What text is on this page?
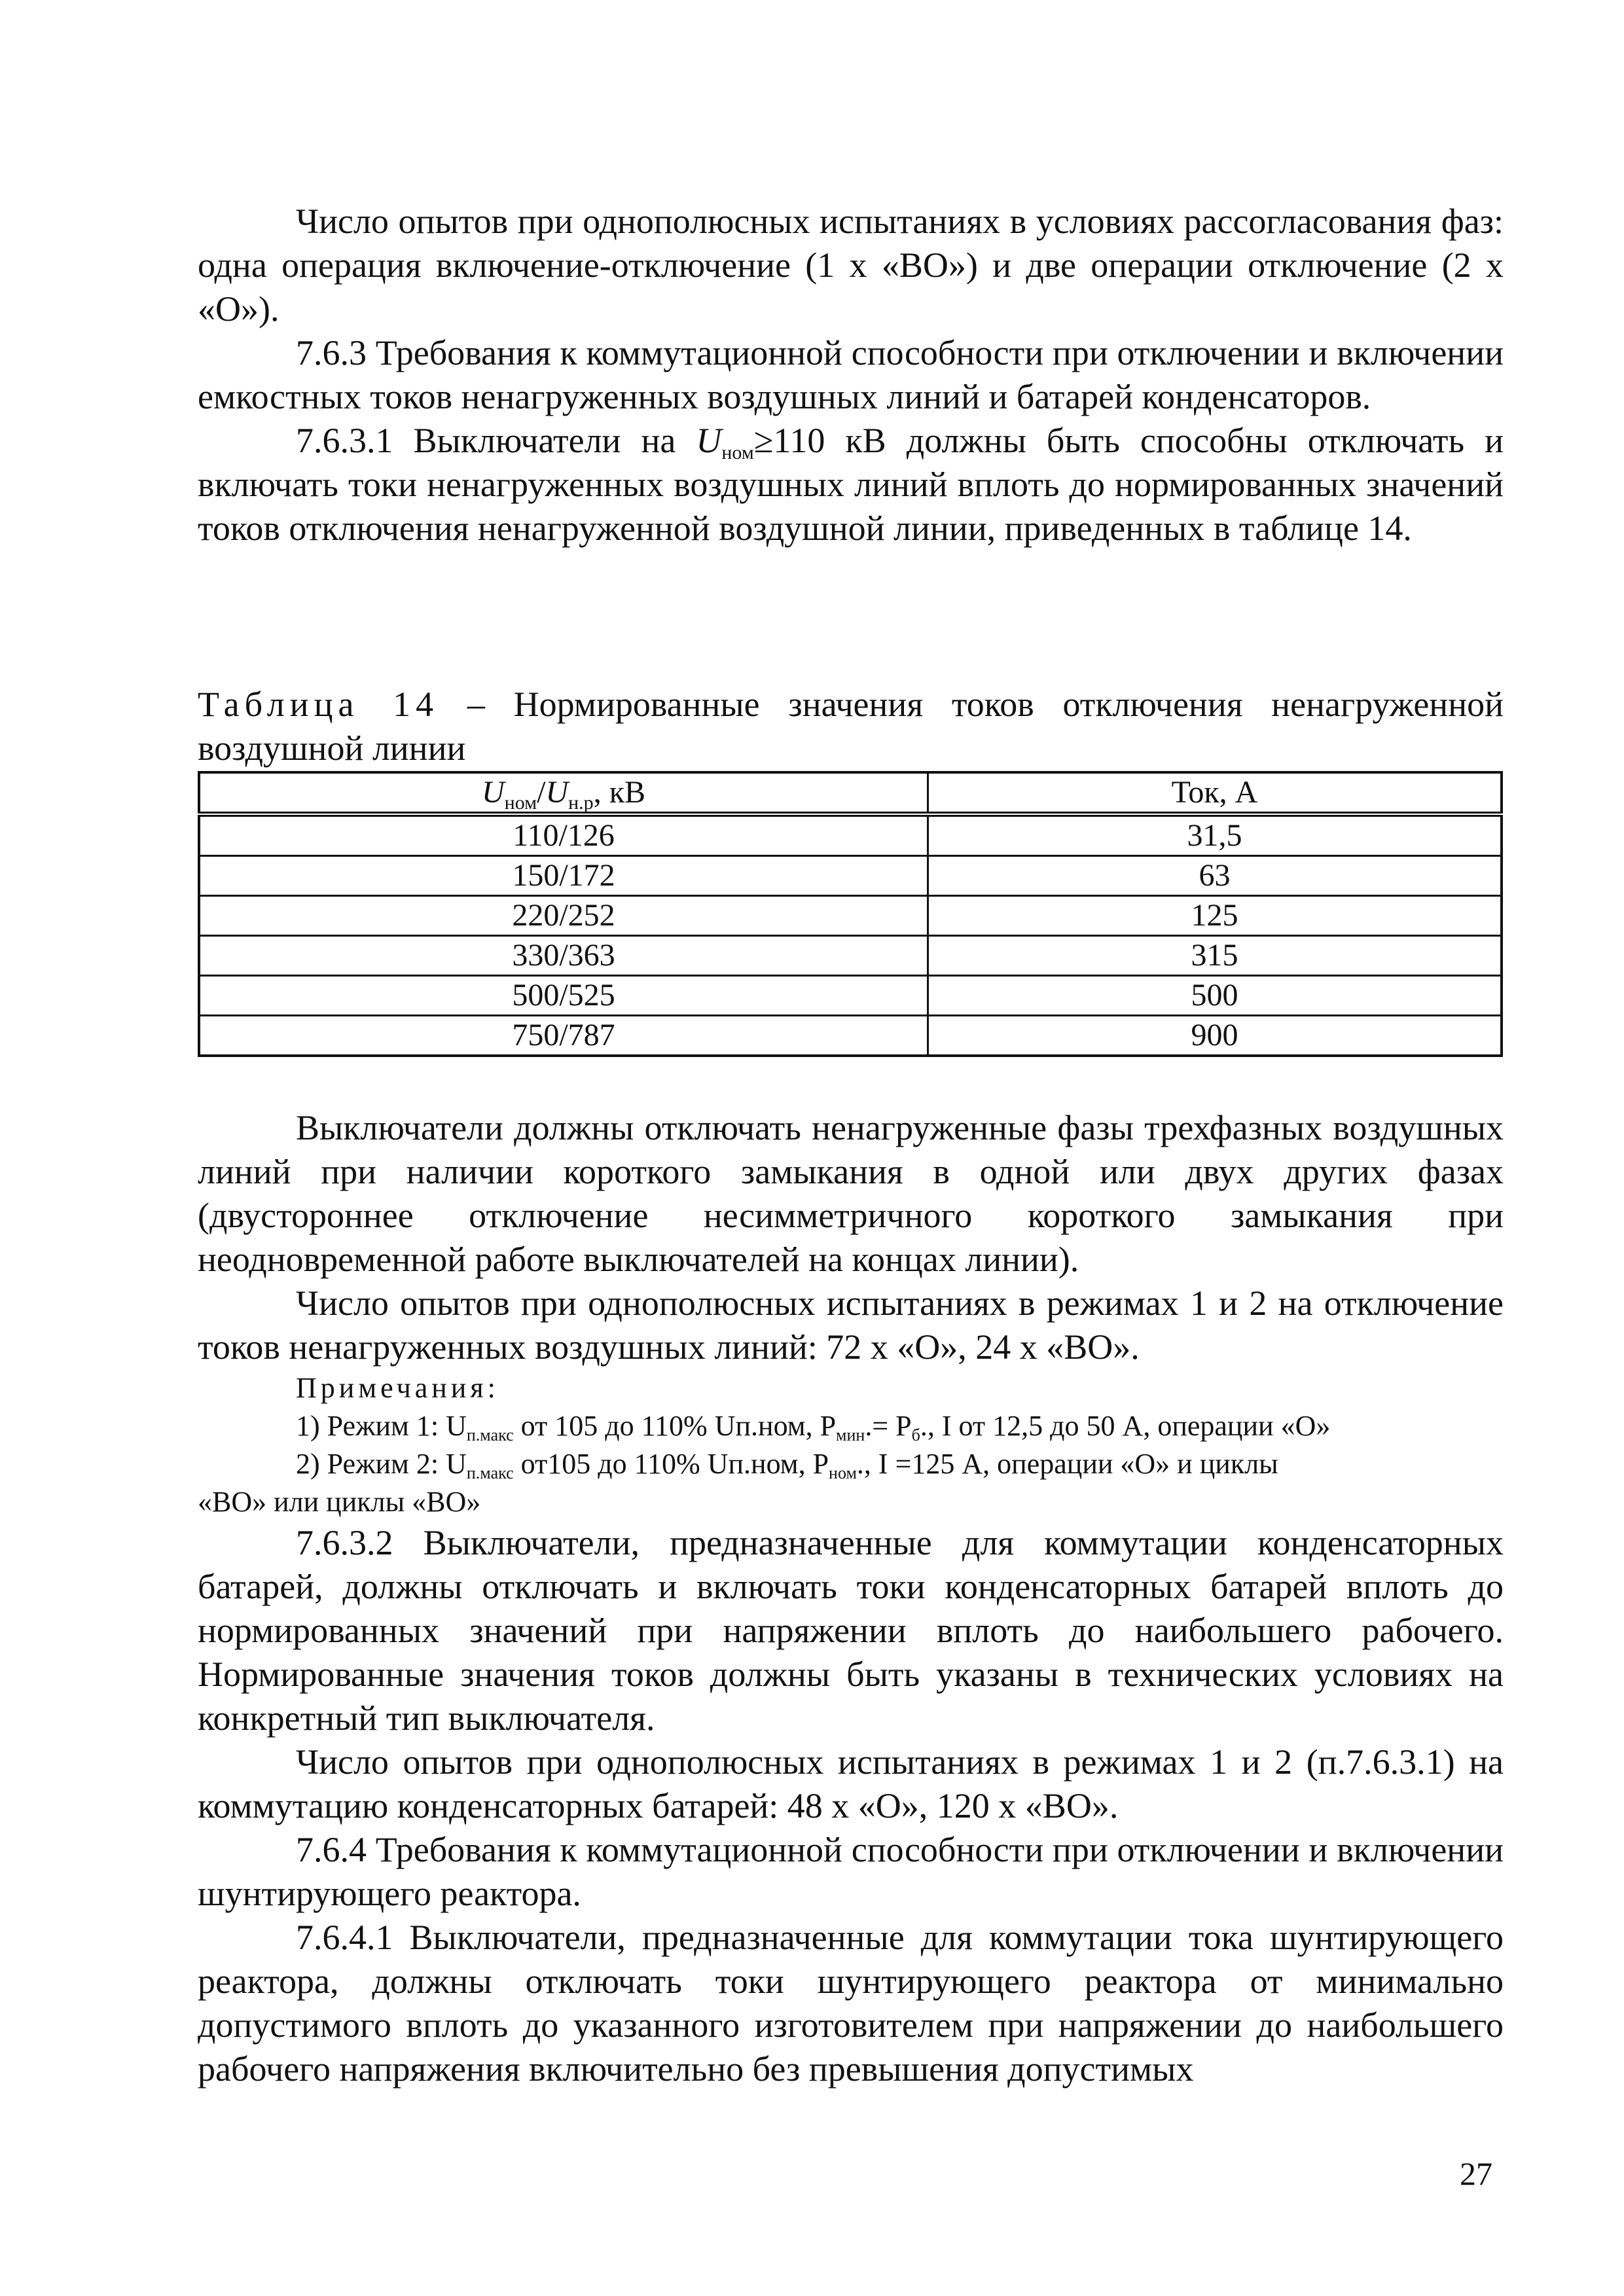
Число опытов при однополюсных испытаниях в условиях рассогласования фаз: одна операция включение-отключение (1 х «ВО») и две операции отключение (2 х «О»).

7.6.3 Требования к коммутационной способности при отключении и включении емкостных токов ненагруженных воздушных линий и батарей конденсаторов.

7.6.3.1 Выключатели на $U_{ном}\ge 110$ кВ должны быть способны отключать и включать токи ненагруженных воздушных линий вплоть до нормированных значений токов отключения ненагруженной воздушной линии, приведенных в таблице 14.

Таблица 14 – Нормированные значения токов отключения ненагруженной воздушной линии

$U_{ном}/U_{н.р}$, кВ	Ток, А
110/126	31,5
150/172	63
220/252	125
330/363	315
500/525	500
750/787	900

Выключатели должны отключать ненагруженные фазы трехфазных воздушных линий при наличии короткого замыкания в одной или двух других фазах (двустороннее отключение несимметричного короткого замыкания при неодновременной работе выключателей на концах линии).

Число опытов при однополюсных испытаниях в режимах 1 и 2 на отключение токов ненагруженных воздушных линий: 72 х «О», 24 х «ВО».

Примечания:

1) Режим 1: Uп.макс от 105 до 110% Uп.ном, Pмин.= Pб., I от 12,5 до 50 А, операции «О»

2) Режим 2: Uп.макс от105 до 110% Uп.ном, Pном., I =125 А, операции «О» и циклы

«ВО» или циклы «ВО»

7.6.3.2 Выключатели, предназначенные для коммутации конденсаторных батарей, должны отключать и включать токи конденсаторных батарей вплоть до нормированных значений при напряжении вплоть до наибольшего рабочего. Нормированные значения токов должны быть указаны в технических условиях на конкретный тип выключателя.

Число опытов при однополюсных испытаниях в режимах 1 и 2 (п.7.6.3.1) на коммутацию конденсаторных батарей: 48 х «О», 120 х «ВО».

7.6.4 Требования к коммутационной способности при отключении и включении шунтирующего реактора.

7.6.4.1 Выключатели, предназначенные для коммутации тока шунтирующего реактора, должны отключать токи шунтирующего реактора от минимально допустимого вплоть до указанного изготовителем при напряжении до наибольшего рабочего напряжения включительно без превышения допустимых

27
